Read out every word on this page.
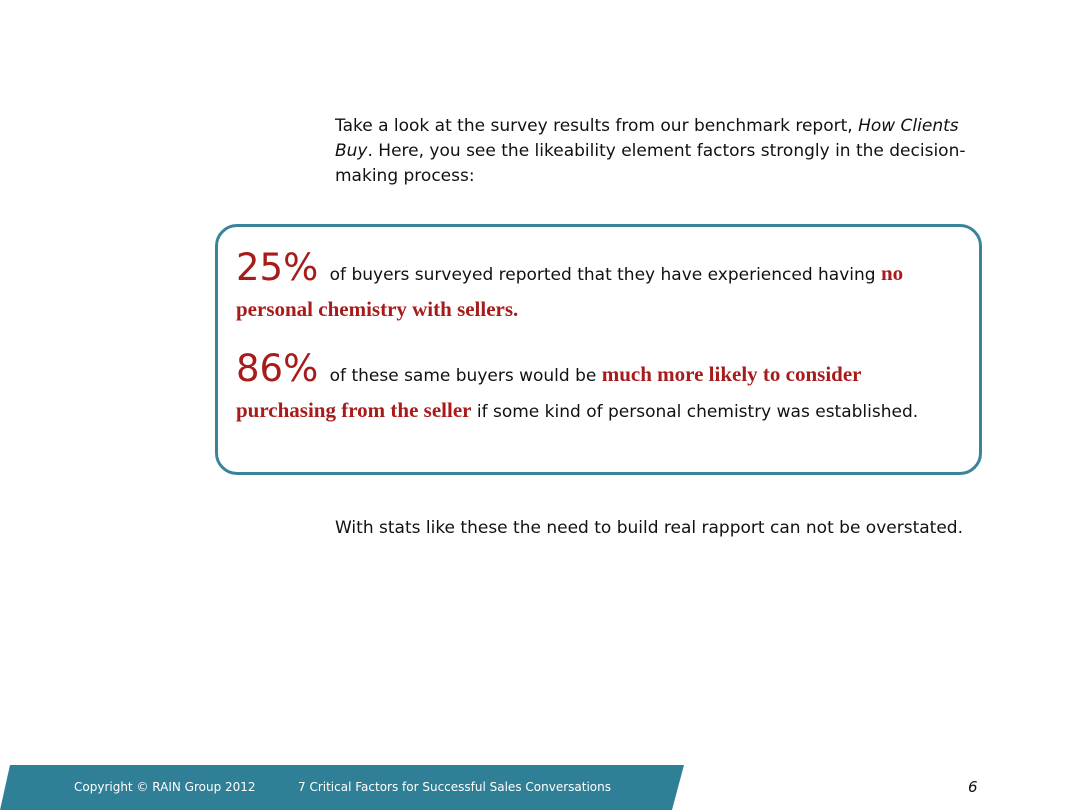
Take a look at the survey results from our benchmark report, How Clients Buy. Here, you see the likeability element factors strongly in the decision-making process:

25% of buyers surveyed reported that they have experienced having no personal chemistry with sellers.

86% of these same buyers would be much more likely to consider purchasing from the seller if some kind of personal chemistry was established.

With stats like these the need to build real rapport can not be overstated.

Copyright © RAIN Group 2012	7 Critical Factors for Successful Sales Conversations	6
